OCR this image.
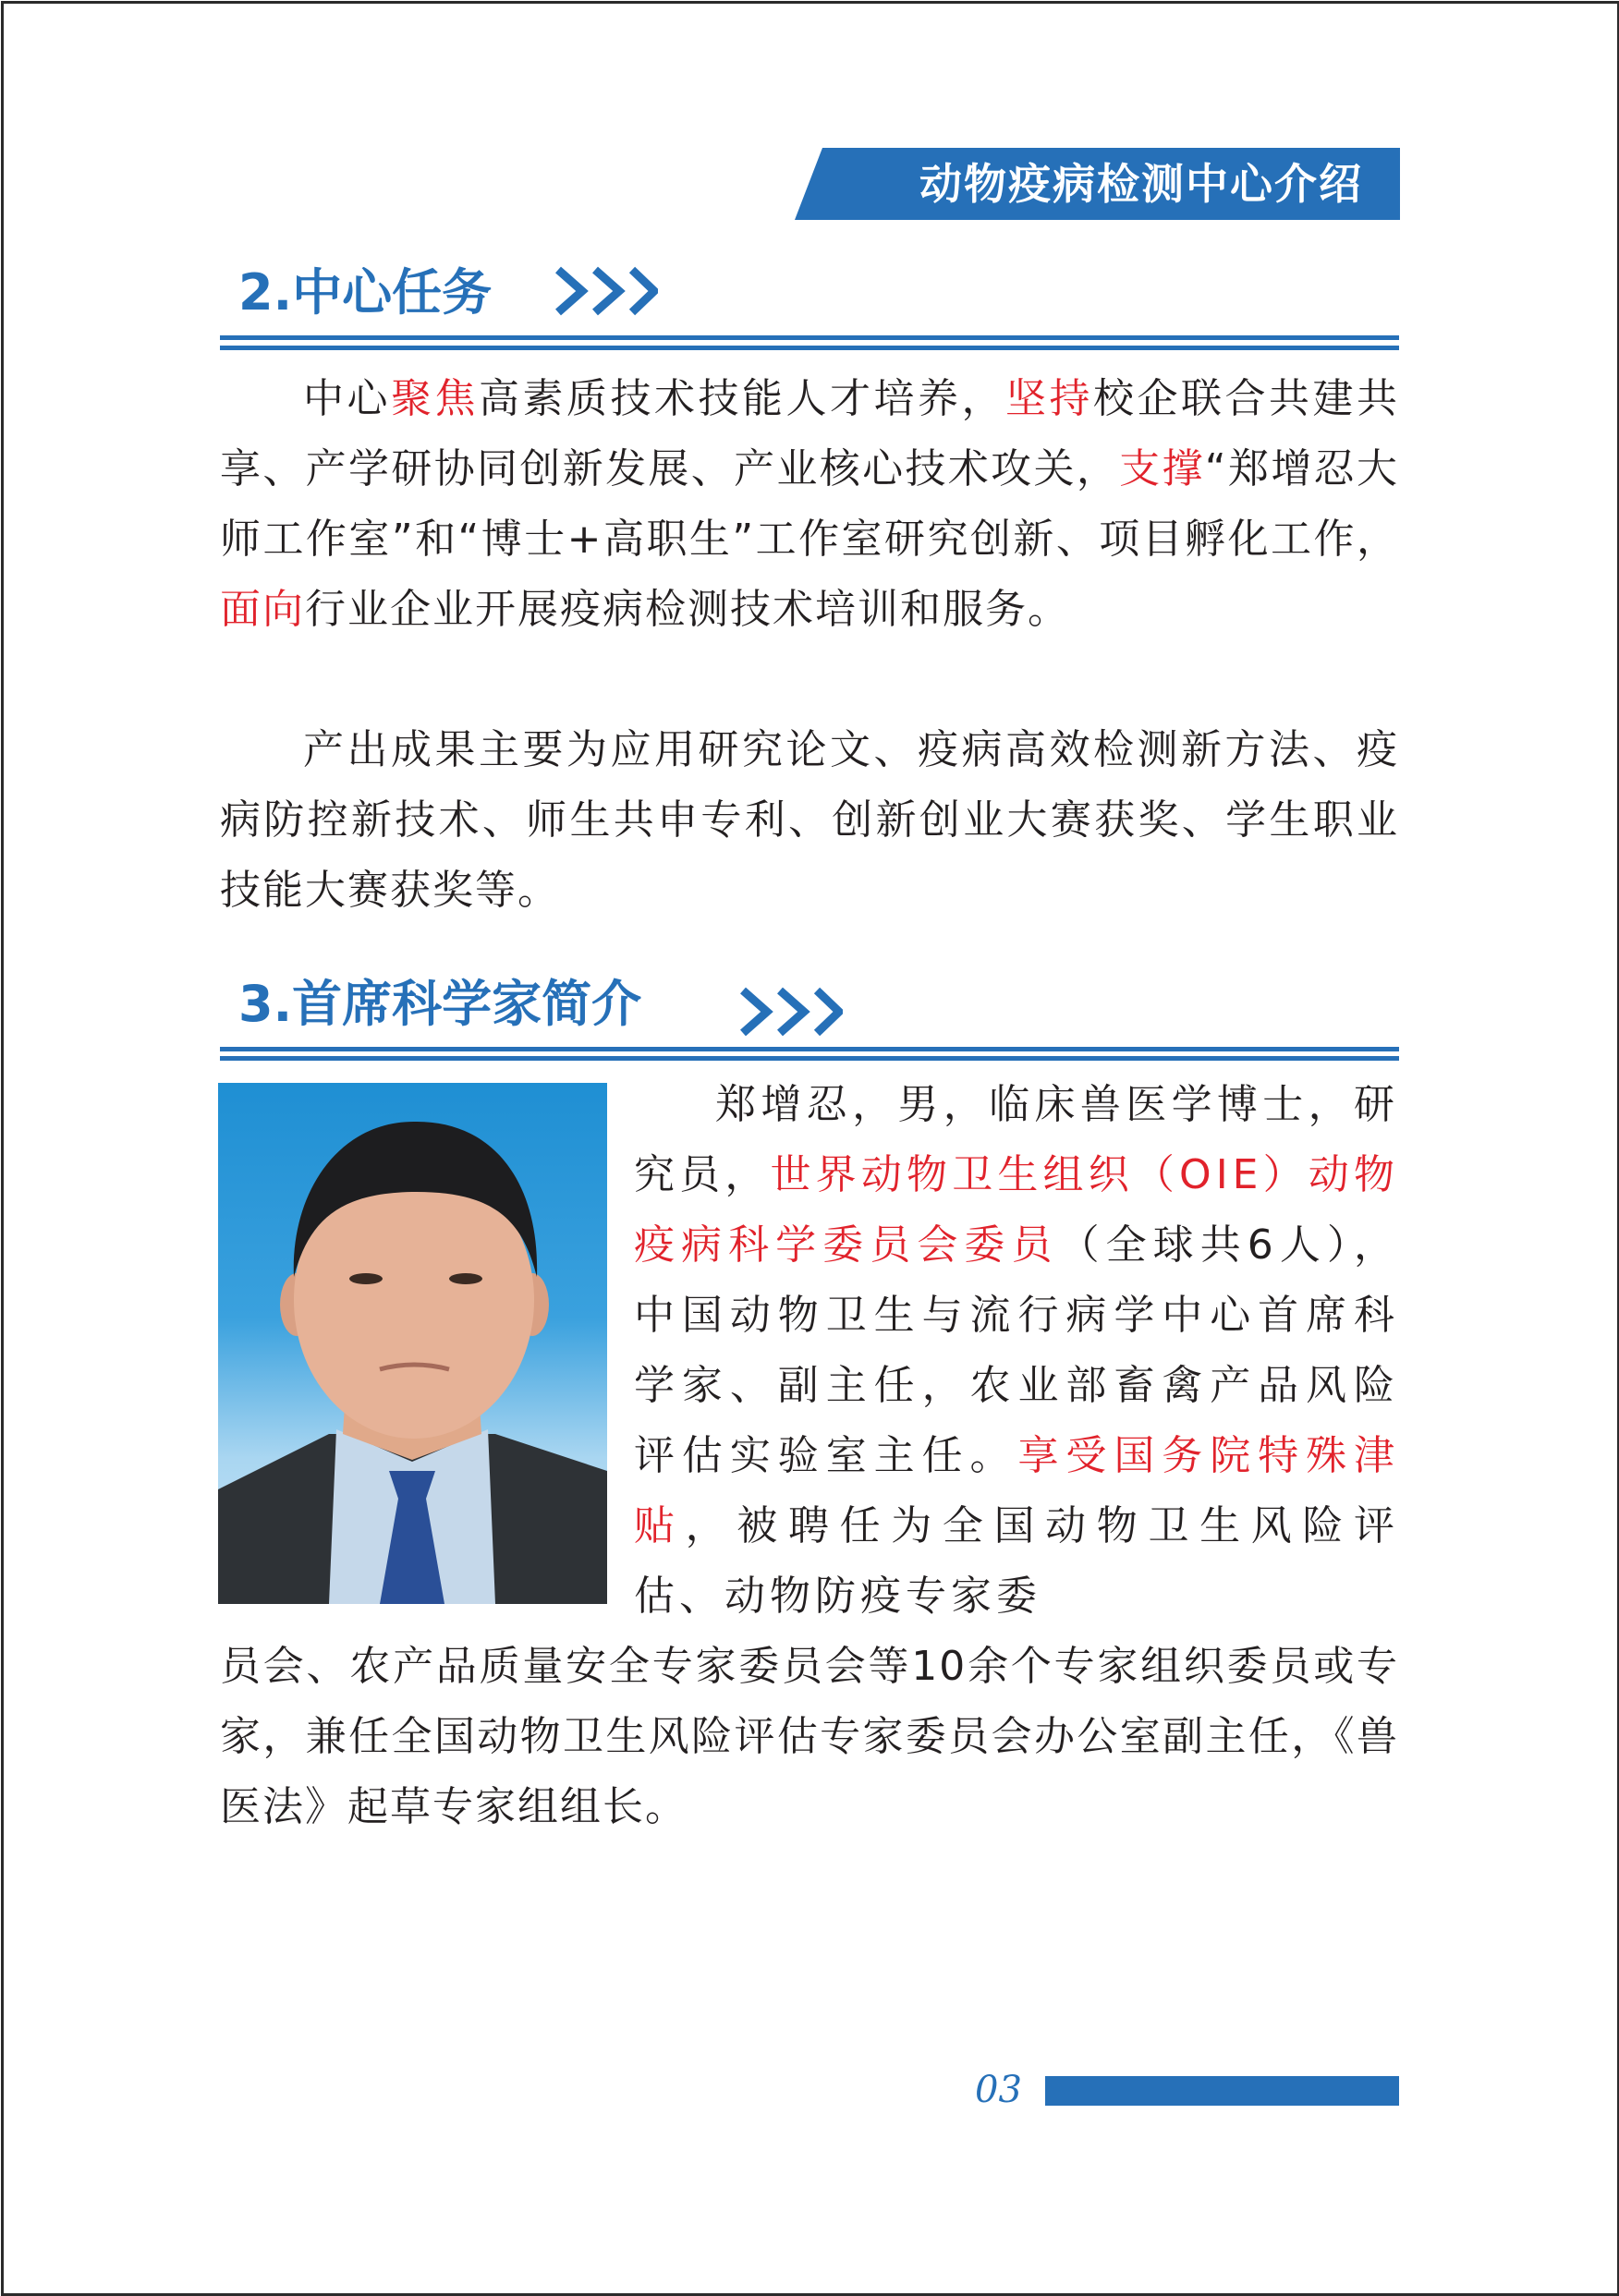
动物疫病检测中心介绍
2.中心任务

中心聚焦高素质技术技能人才培养，坚持校企联合共建共享、产学研协同创新发展、产业核心技术攻关，支撑“郑增忍大师工作室”和“博士+高职生”工作室研究创新、项目孵化工作，面向行业企业开展疫病检测技术培训和服务。

产出成果主要为应用研究论文、疫病高效检测新方法、疫病防控新技术、师生共申专利、创新创业大赛获奖、学生职业技能大赛获奖等。

3.首席科学家简介

郑增忍，男，临床兽医学博士，研究员，世界动物卫生组织（OIE）动物疫病科学委员会委员（全球共6人），中国动物卫生与流行病学中心首席科学家、副主任，农业部畜禽产品风险评估实验室主任。享受国务院特殊津贴，被聘任为全国动物卫生风险评估、动物防疫专家委

员会、农产品质量安全专家委员会等10余个专家组织委员或专家，兼任全国动物卫生风险评估专家委员会办公室副主任，《兽医法》起草专家组组长。

03
